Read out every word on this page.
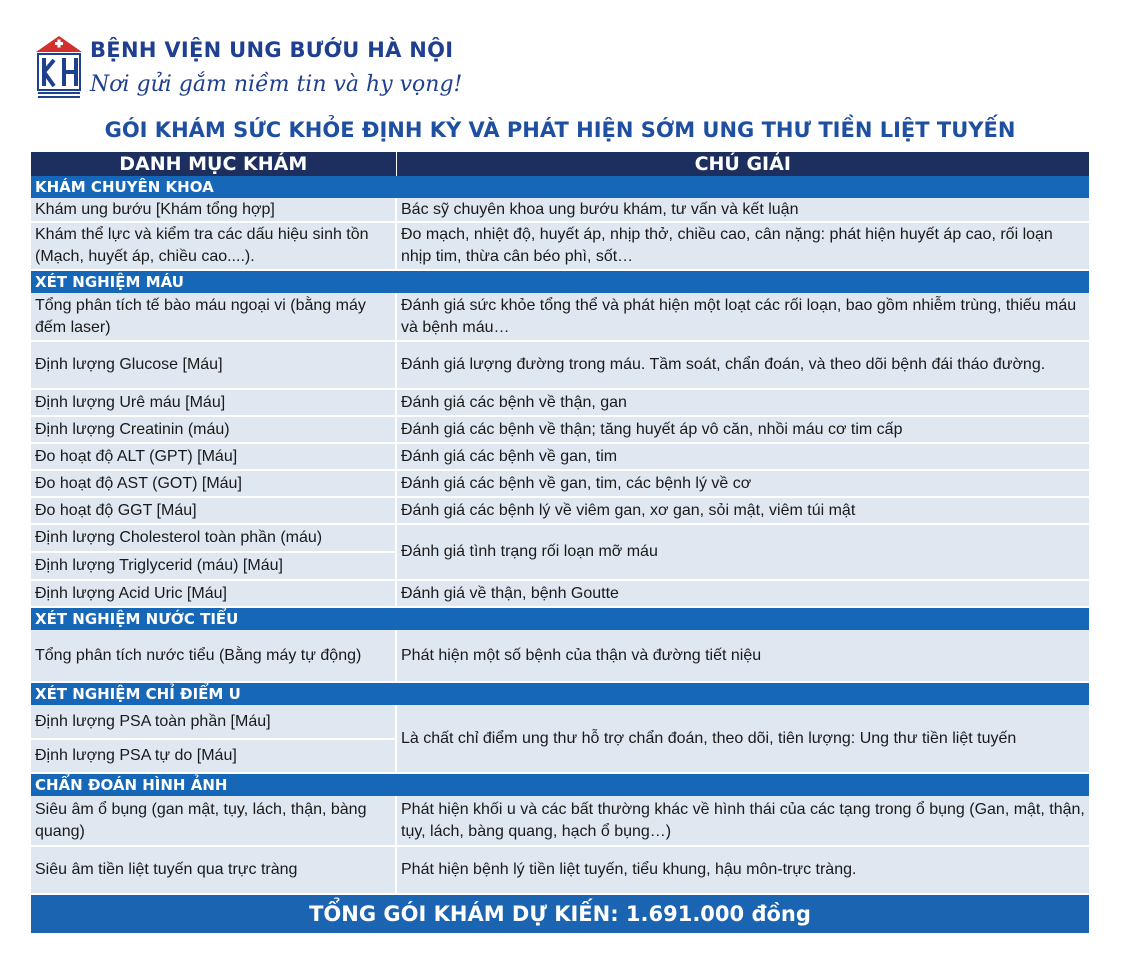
BỆNH VIỆN UNG BƯỚU HÀ NỘI
Nơi gửi gắm niềm tin và hy vọng!
GÓI KHÁM SỨC KHỎE ĐỊNH KỲ VÀ PHÁT HIỆN SỚM UNG THƯ TIỀN LIỆT TUYẾN
DANH MỤC KHÁM	CHÚ GIẢI
KHÁM CHUYÊN KHOA	
Khám ung bướu [Khám tổng hợp]	Bác sỹ chuyên khoa ung bướu khám, tư vấn và kết luận
Khám thể lực và kiểm tra các dấu hiệu sinh tồn (Mạch, huyết áp, chiều cao....).	Đo mạch, nhiệt độ, huyết áp, nhịp thở, chiều cao, cân nặng: phát hiện huyết áp cao, rối loạn nhịp tim, thừa cân béo phì, sốt…
XÉT NGHIỆM MÁU	
Tổng phân tích tế bào máu ngoại vi (bằng máy đếm laser)	Đánh giá sức khỏe tổng thể và phát hiện một loạt các rối loạn, bao gồm nhiễm trùng, thiếu máu và bệnh máu…
Định lượng Glucose [Máu]	Đánh giá lượng đường trong máu. Tầm soát, chẩn đoán, và theo dõi bệnh đái tháo đường.
Định lượng Urê máu [Máu]	Đánh giá các bệnh về thận, gan
Định lượng Creatinin (máu)	Đánh giá các bệnh về thận; tăng huyết áp vô căn, nhồi máu cơ tim cấp
Đo hoạt độ ALT (GPT) [Máu]	Đánh giá các bệnh về gan, tim
Đo hoạt độ AST (GOT) [Máu]	Đánh giá các bệnh về gan, tim, các bệnh lý về cơ
Đo hoạt độ GGT [Máu]	Đánh giá các bệnh lý về viêm gan, xơ gan, sỏi mật, viêm túi mật
Định lượng Cholesterol toàn phần (máu)	Đánh giá tình trạng rối loạn mỡ máu
Định lượng Triglycerid (máu) [Máu]	
Định lượng Acid Uric [Máu]	Đánh giá về thận, bệnh Goutte
XÉT NGHIỆM NƯỚC TIỂU	
Tổng phân tích nước tiểu (Bằng máy tự động)	Phát hiện một số bệnh của thận và đường tiết niệu
XÉT NGHIỆM CHỈ ĐIỂM U	
Định lượng PSA toàn phần [Máu]	Là chất chỉ điểm ung thư hỗ trợ chẩn đoán, theo dõi, tiên lượng: Ung thư tiền liệt tuyến
Định lượng PSA tự do [Máu]	
CHẨN ĐOÁN HÌNH ẢNH	
Siêu âm ổ bụng (gan mật, tụy, lách, thận, bàng quang)	Phát hiện khối u và các bất thường khác về hình thái của các tạng trong ổ bụng (Gan, mật, thận, tụy, lách, bàng quang, hạch ổ bụng…)
Siêu âm tiền liệt tuyến qua trực tràng	Phát hiện bệnh lý tiền liệt tuyến, tiểu khung, hậu môn-trực tràng.
TỔNG GÓI KHÁM DỰ KIẾN: 1.691.000 đồng	
